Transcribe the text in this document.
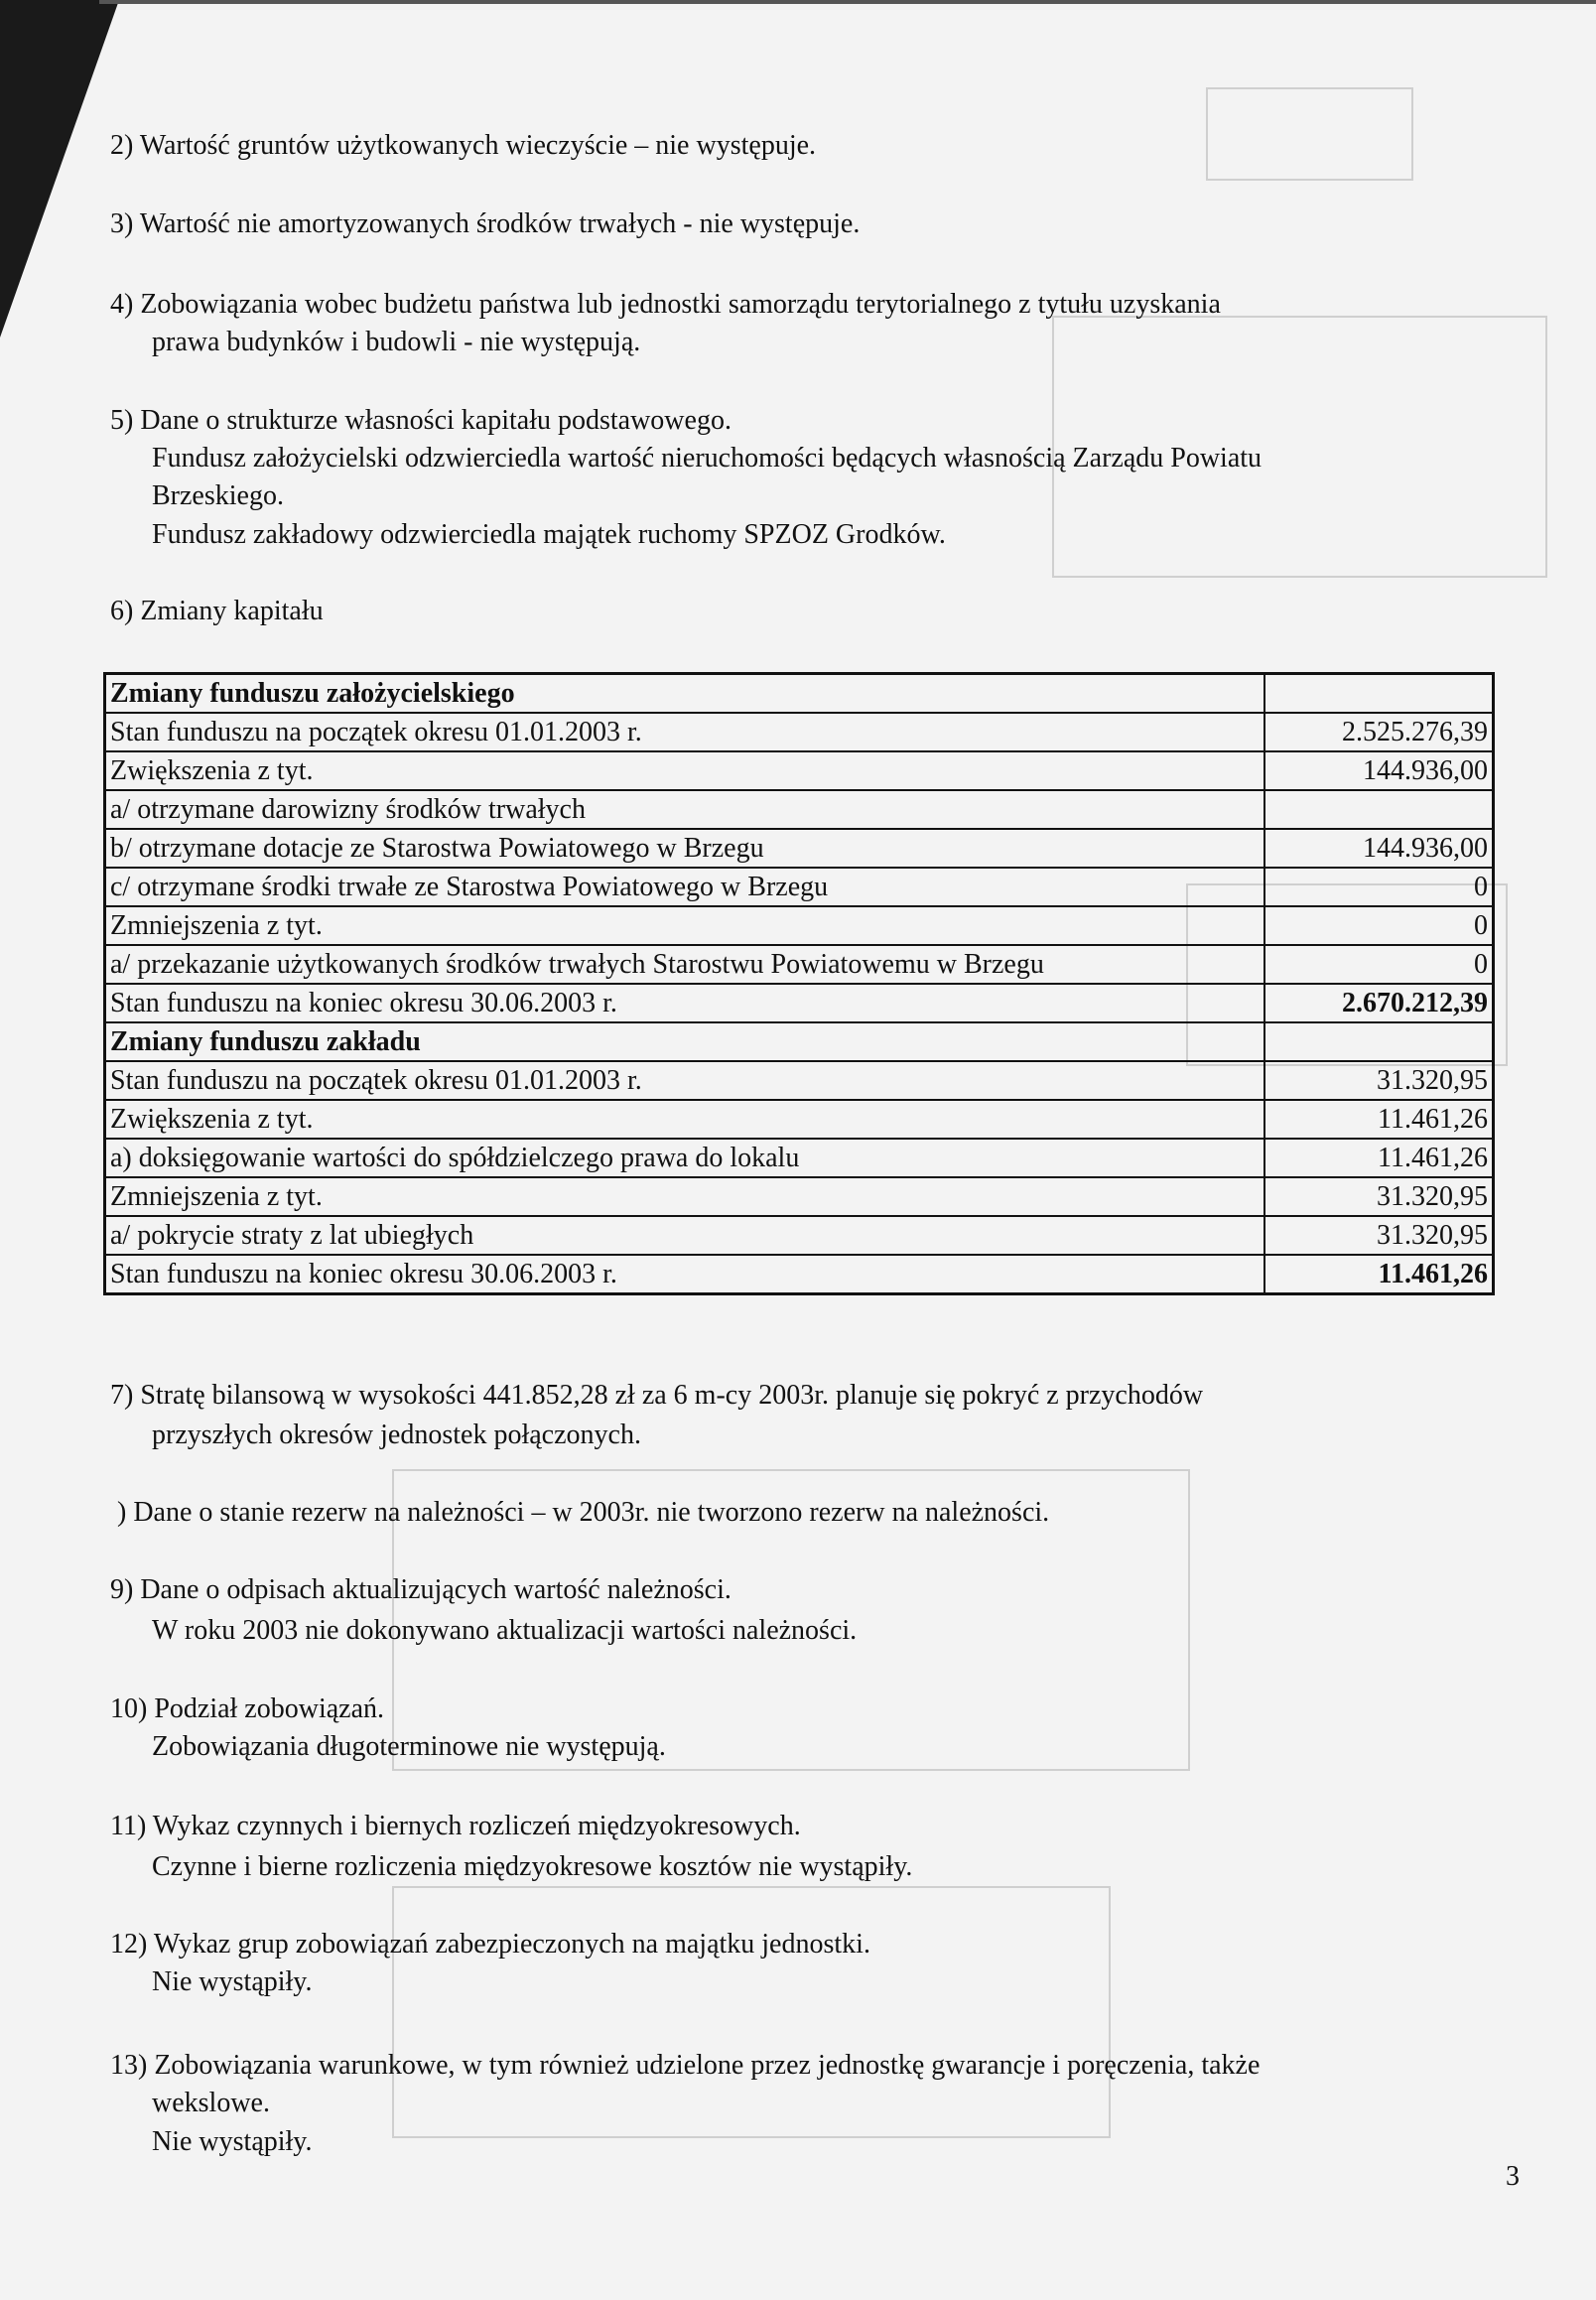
2) Wartość gruntów użytkowanych wieczyście – nie występuje.
3) Wartość nie amortyzowanych środków trwałych - nie występuje.
4) Zobowiązania wobec budżetu państwa lub jednostki samorządu terytorialnego z tytułu uzyskania
prawa budynków i budowli - nie występują.
5) Dane o strukturze własności kapitału podstawowego.
Fundusz założycielski odzwierciedla wartość nieruchomości będących własnością Zarządu Powiatu
Brzeskiego.
Fundusz zakładowy odzwierciedla majątek ruchomy SPZOZ Grodków.
6) Zmiany kapitału
Zmiany funduszu założycielskiego	
Stan funduszu na początek okresu 01.01.2003 r.	2.525.276,39
Zwiększenia z tyt.	144.936,00
a/ otrzymane darowizny środków trwałych	
b/ otrzymane dotacje ze Starostwa Powiatowego w Brzegu	144.936,00
c/ otrzymane środki trwałe ze Starostwa Powiatowego w Brzegu	0
Zmniejszenia z tyt.	0
a/ przekazanie użytkowanych środków trwałych Starostwu Powiatowemu w Brzegu	0
Stan funduszu na koniec okresu 30.06.2003 r.	2.670.212,39
Zmiany funduszu zakładu	
Stan funduszu na początek okresu 01.01.2003 r.	31.320,95
Zwiększenia z tyt.	11.461,26
a) doksięgowanie wartości do spółdzielczego prawa do lokalu	11.461,26
Zmniejszenia z tyt.	31.320,95
a/ pokrycie straty z lat ubiegłych	31.320,95
Stan funduszu na koniec okresu 30.06.2003 r.	11.461,26
7) Stratę bilansową w wysokości 441.852,28 zł za 6 m-cy 2003r. planuje się pokryć z przychodów
przyszłych okresów jednostek połączonych.
) Dane o stanie rezerw na należności – w 2003r. nie tworzono rezerw na należności.
9) Dane o odpisach aktualizujących wartość należności.
W roku 2003 nie dokonywano aktualizacji wartości należności.
10) Podział zobowiązań.
Zobowiązania długoterminowe nie występują.
11) Wykaz czynnych i biernych rozliczeń międzyokresowych.
Czynne i bierne rozliczenia międzyokresowe kosztów nie wystąpiły.
12) Wykaz grup zobowiązań zabezpieczonych na majątku jednostki.
Nie wystąpiły.
13) Zobowiązania warunkowe, w tym również udzielone przez jednostkę gwarancje i poręczenia, także
wekslowe.
Nie wystąpiły.
3
